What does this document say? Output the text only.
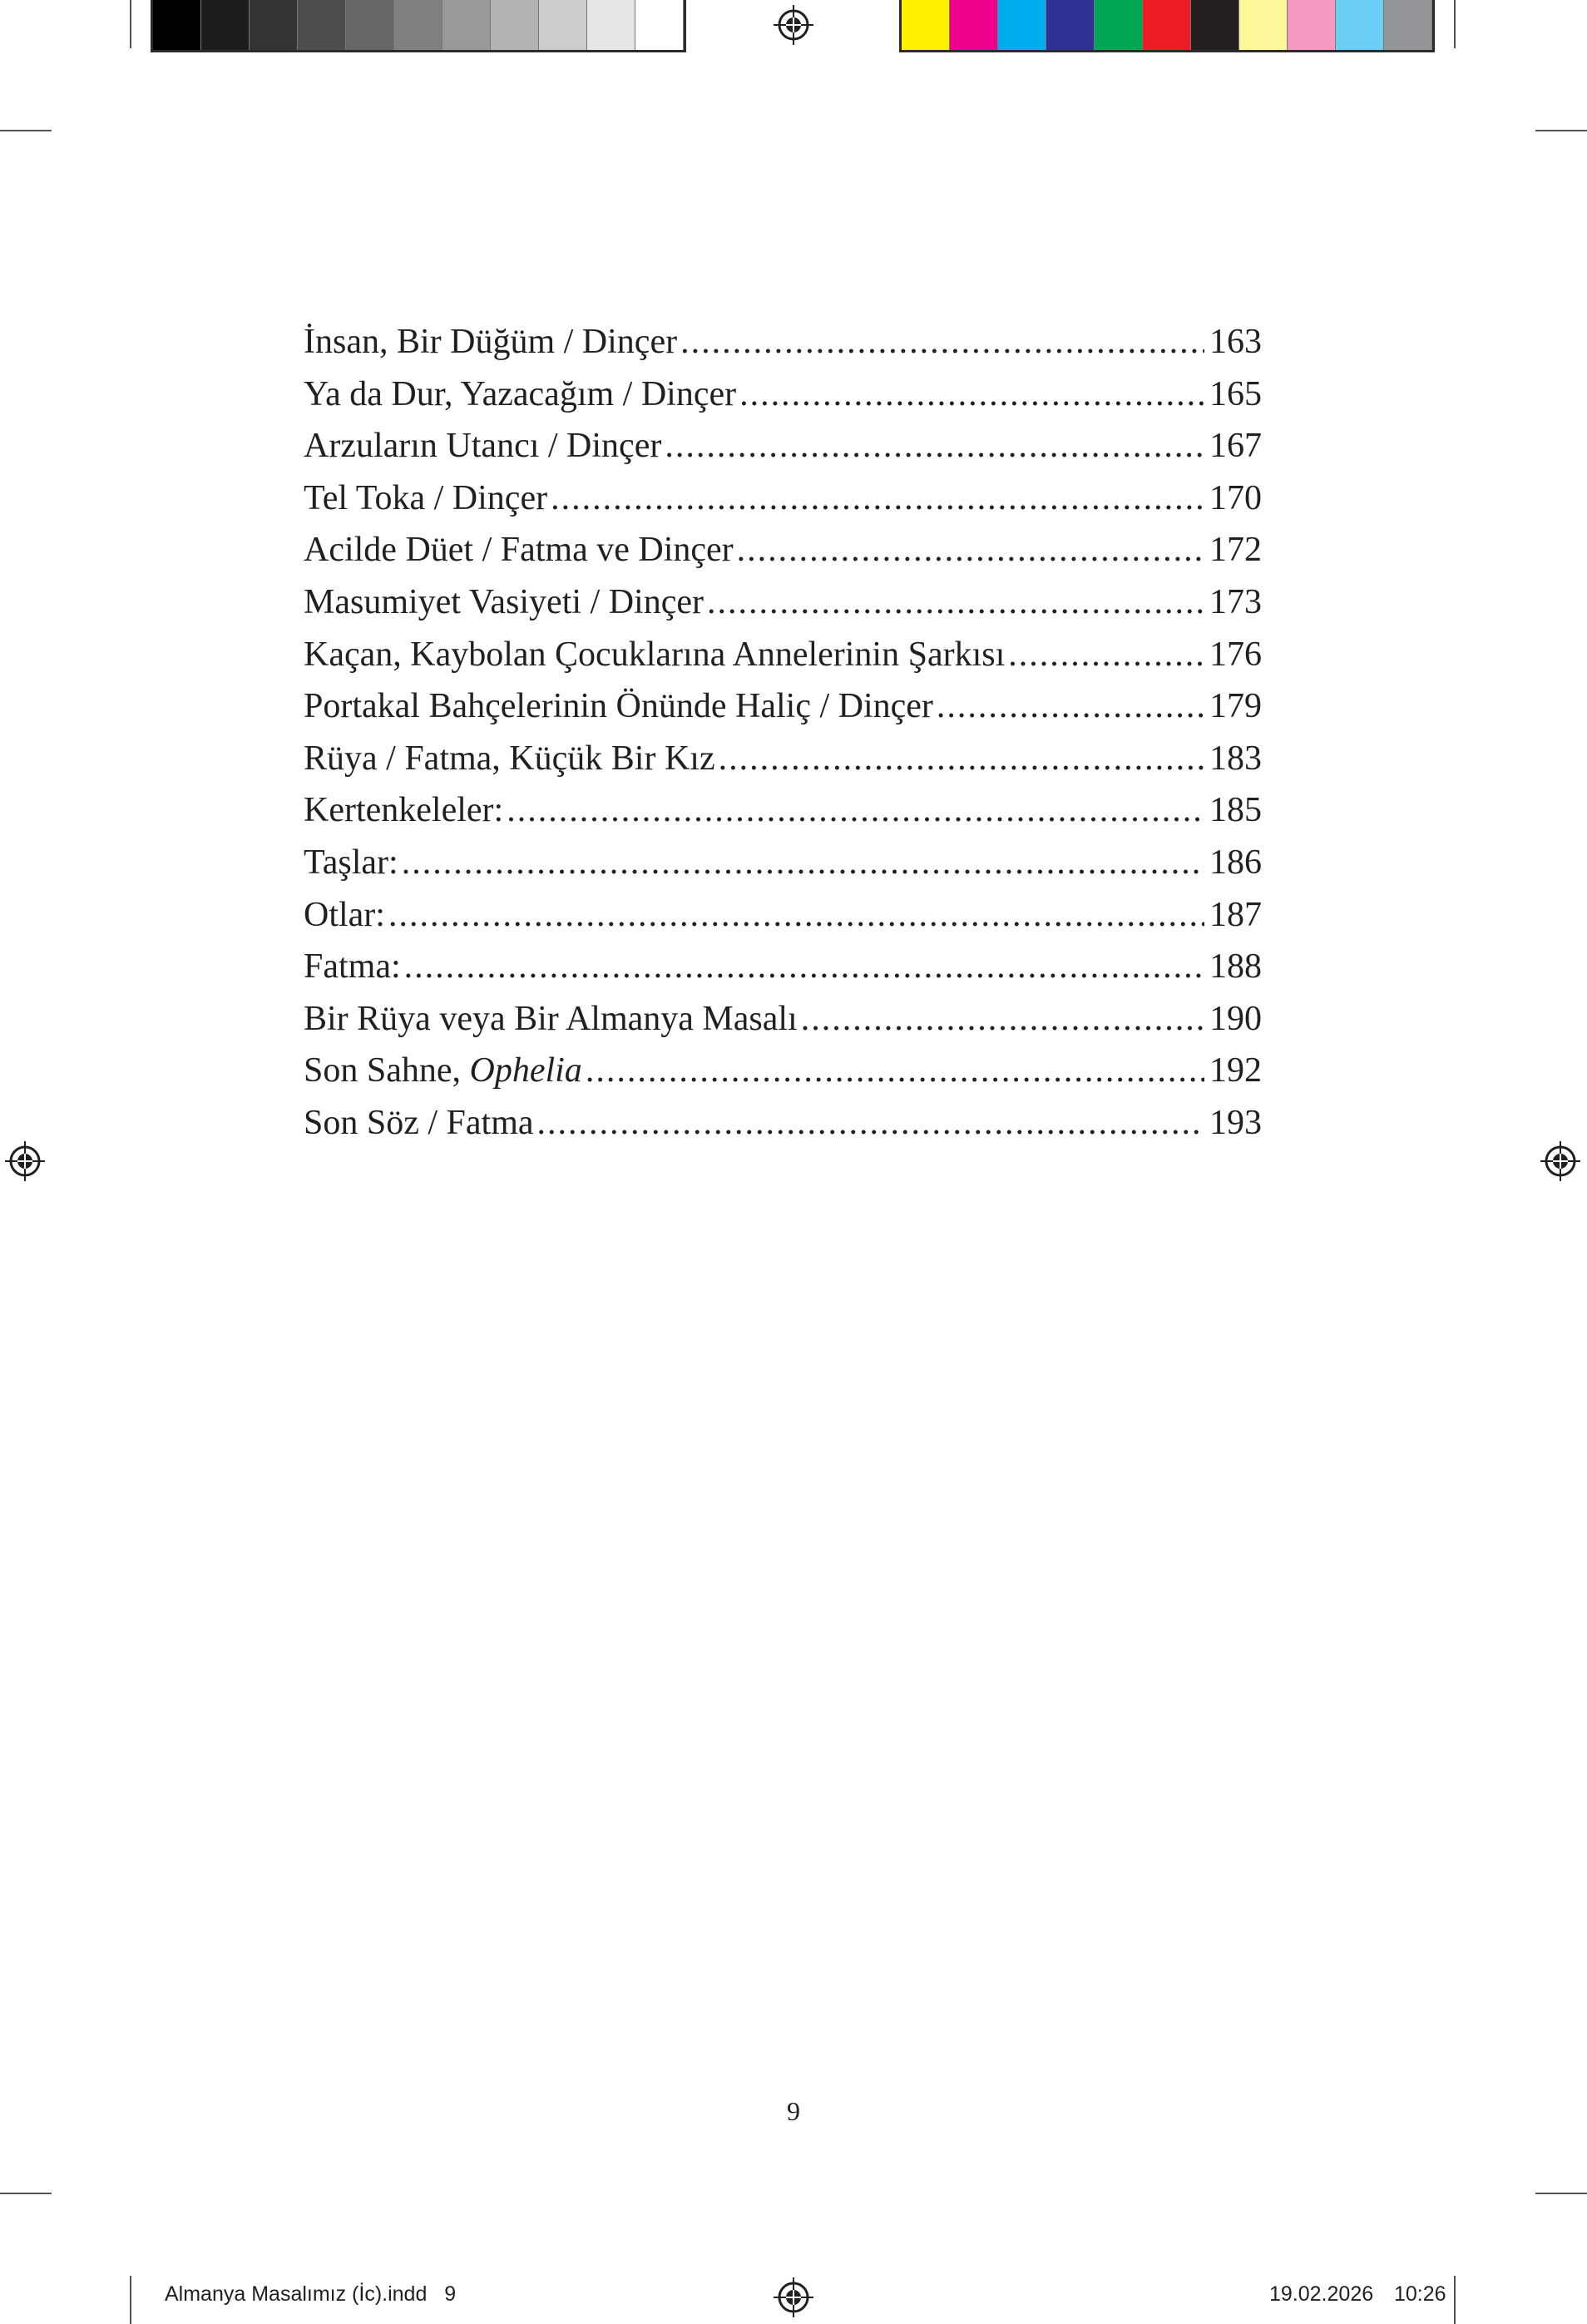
İnsan, Bir Düğüm / Dinçer .....	163
Ya da Dur, Yazacağım / Dinçer .....	165
Arzuların Utancı / Dinçer .....	167
Tel Toka / Dinçer .....	170
Acilde Düet / Fatma ve Dinçer .....	172
Masumiyet Vasiyeti / Dinçer .....	173
Kaçan, Kaybolan Çocuklarına Annelerinin Şarkısı .....	176
Portakal Bahçelerinin Önünde Haliç / Dinçer .....	179
Rüya / Fatma, Küçük Bir Kız .....	183
Kertenkeleler: .....	185
Taşlar: .....	186
Otlar: .....	187
Fatma: .....	188
Bir Rüya veya Bir Almanya Masalı .....	190
Son Sahne, Ophelia .....	192
Son Söz / Fatma .....	193
9
Almanya Masalımız (İc).indd   9	19.02.2026 10:26
